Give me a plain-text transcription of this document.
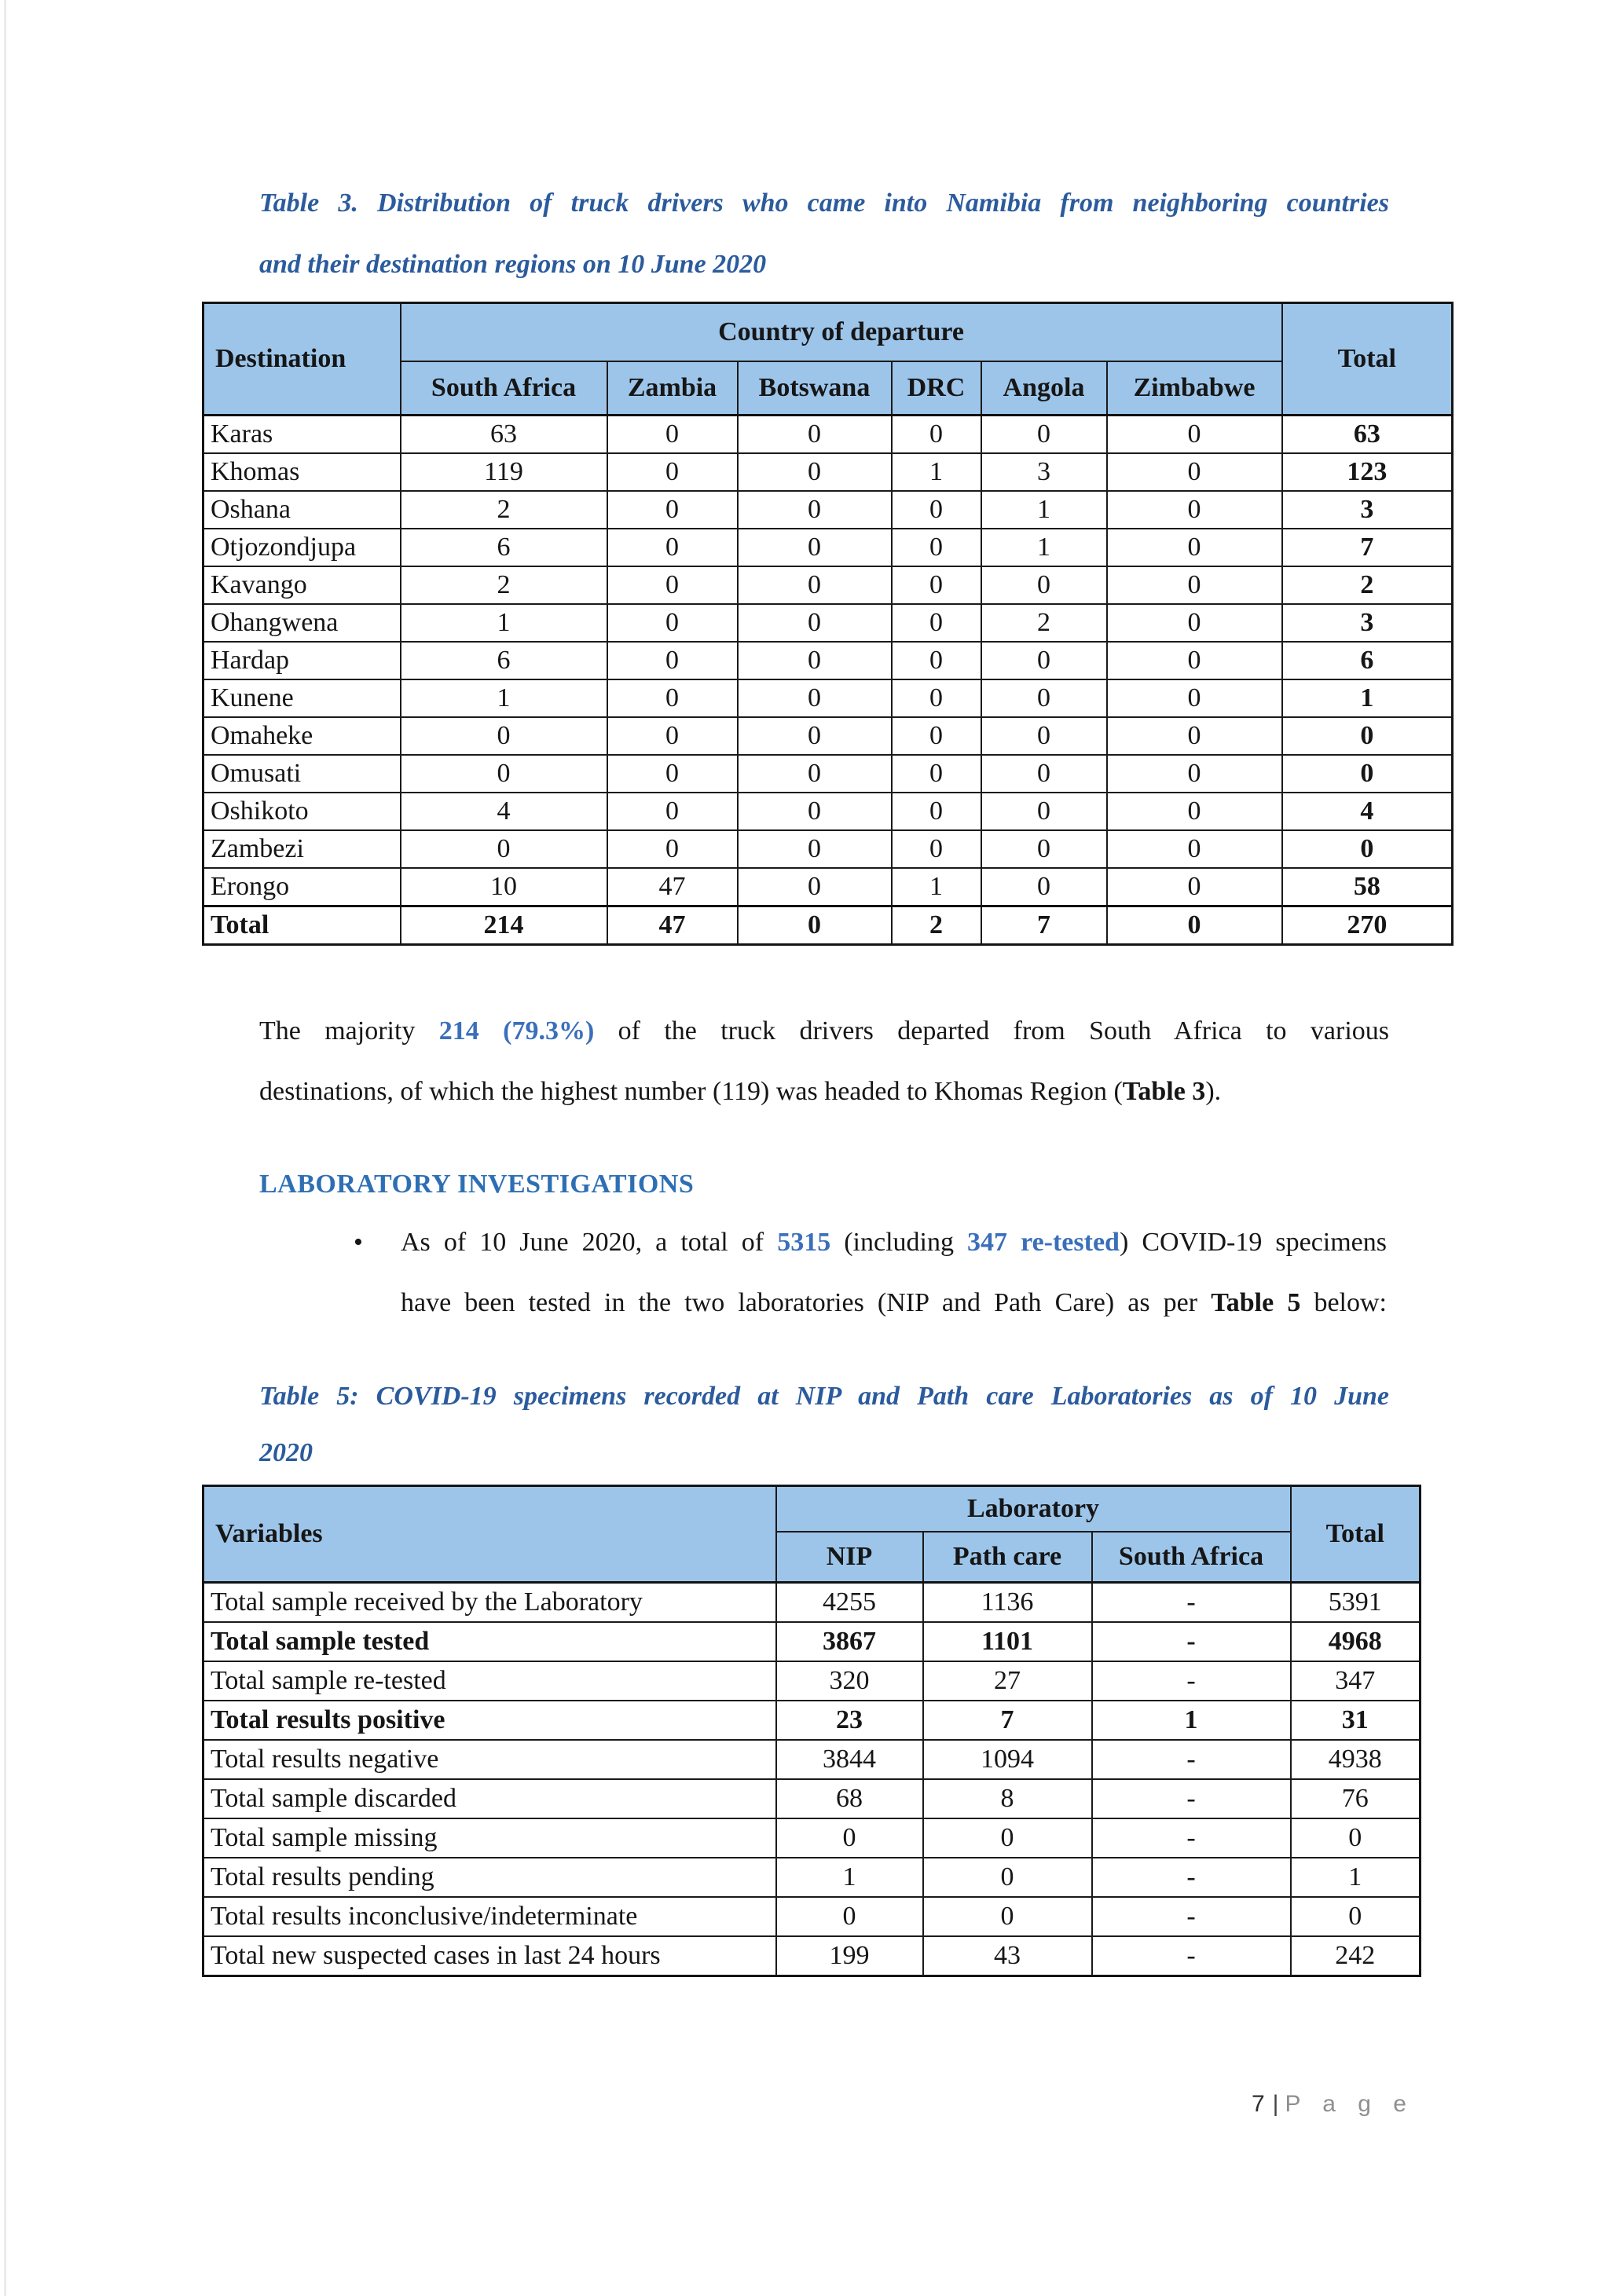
Table 3. Distribution of truck drivers who came into Namibia from neighboring countries
and their destination regions on 10 June 2020
Destination	Country of departure						Total
	South Africa	Zambia	Botswana	DRC	Angola	Zimbabwe	
Karas	63	0	0	0	0	0	63
Khomas	119	0	0	1	3	0	123
Oshana	2	0	0	0	1	0	3
Otjozondjupa	6	0	0	0	1	0	7
Kavango	2	0	0	0	0	0	2
Ohangwena	1	0	0	0	2	0	3
Hardap	6	0	0	0	0	0	6
Kunene	1	0	0	0	0	0	1
Omaheke	0	0	0	0	0	0	0
Omusati	0	0	0	0	0	0	0
Oshikoto	4	0	0	0	0	0	4
Zambezi	0	0	0	0	0	0	0
Erongo	10	47	0	1	0	0	58
Total	214	47	0	2	7	0	270
The majority 214 (79.3%) of the truck drivers departed from South Africa to various
destinations, of which the highest number (119) was headed to Khomas Region (Table 3).
LABORATORY INVESTIGATIONS
•	As of 10 June 2020, a total of 5315 (including 347 re-tested) COVID-19 specimens
have been tested in the two laboratories (NIP and Path Care) as per Table 5 below:
Table 5: COVID-19 specimens recorded at NIP and Path care Laboratories as of 10 June
2020
Variables	Laboratory			Total
	NIP	Path care	South Africa	
Total sample received by the Laboratory	4255	1136	-	5391
Total sample tested	3867	1101	-	4968
Total sample re-tested	320	27	-	347
Total results positive	23	7	1	31
Total results negative	3844	1094	-	4938
Total sample discarded	68	8	-	76
Total sample missing	0	0	-	0
Total results pending	1	0	-	1
Total results inconclusive/indeterminate	0	0	-	0
Total new suspected cases in last 24 hours	199	43	-	242
7 | P a g e
